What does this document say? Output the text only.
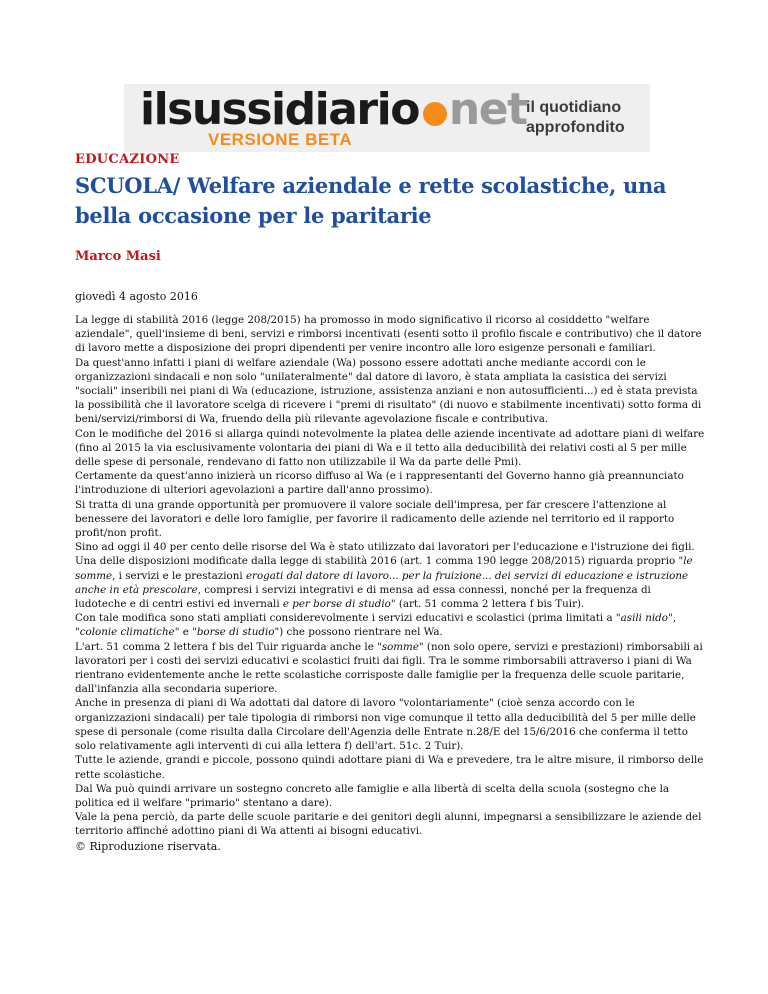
ilsussidiario net
VERSIONE BETA
il quotidiano
approfondito
EDUCAZIONE
SCUOLA/ Welfare aziendale e rette scolastiche, una bella occasione per le paritarie
Marco Masi
giovedì 4 agosto 2016

La legge di stabilità 2016 (legge 208/2015) ha promosso in modo significativo il ricorso al cosiddetto "welfare aziendale", quell'insieme di beni, servizi e rimborsi incentivati (esenti sotto il profilo fiscale e contributivo) che il datore di lavoro mette a disposizione dei propri dipendenti per venire incontro alle loro esigenze personali e familiari.

Da quest'anno infatti i piani di welfare aziendale (Wa) possono essere adottati anche mediante accordi con le organizzazioni sindacali e non solo "unilateralmente" dal datore di lavoro, è stata ampliata la casistica dei servizi "sociali" inseribili nei piani di Wa (educazione, istruzione, assistenza anziani e non autosufficienti...) ed è stata prevista la possibilità che il lavoratore scelga di ricevere i "premi di risultato" (di nuovo e stabilmente incentivati) sotto forma di beni/servizi/rimborsi di Wa, fruendo della più rilevante agevolazione fiscale e contributiva.

Con le modifiche del 2016 si allarga quindi notevolmente la platea delle aziende incentivate ad adottare piani di welfare (fino al 2015 la via esclusivamente volontaria dei piani di Wa e il tetto alla deducibilità dei relativi costi al 5 per mille delle spese di personale, rendevano di fatto non utilizzabile il Wa da parte delle Pmi).

Certamente da quest'anno inizierà un ricorso diffuso al Wa (e i rappresentanti del Governo hanno già preannunciato l'introduzione di ulteriori agevolazioni a partire dall'anno prossimo).

Si tratta di una grande opportunità per promuovere il valore sociale dell'impresa, per far crescere l'attenzione al benessere dei lavoratori e delle loro famiglie, per favorire il radicamento delle aziende nel territorio ed il rapporto profit/non profit.

Sino ad oggi il 40 per cento delle risorse del Wa è stato utilizzato dai lavoratori per l'educazione e l'istruzione dei figli.

Una delle disposizioni modificate dalla legge di stabilità 2016 (art. 1 comma 190 legge 208/2015) riguarda proprio "le somme, i servizi e le prestazioni erogati dal datore di lavoro... per la fruizione... dei servizi di educazione e istruzione anche in età prescolare, compresi i servizi integrativi e di mensa ad essa connessi, nonché per la frequenza di ludoteche e di centri estivi ed invernali e per borse di studio" (art. 51 comma 2 lettera f bis Tuir).

Con tale modifica sono stati ampliati considerevolmente i servizi educativi e scolastici (prima limitati a "asili nido", "colonie climatiche" e "borse di studio") che possono rientrare nel Wa.

L'art. 51 comma 2 lettera f bis del Tuir riguarda anche le "somme" (non solo opere, servizi e prestazioni) rimborsabili ai lavoratori per i costi dei servizi educativi e scolastici fruiti dai figli. Tra le somme rimborsabili attraverso i piani di Wa rientrano evidentemente anche le rette scolastiche corrisposte dalle famiglie per la frequenza delle scuole paritarie, dall'infanzia alla secondaria superiore.

Anche in presenza di piani di Wa adottati dal datore di lavoro "volontariamente" (cioè senza accordo con le organizzazioni sindacali) per tale tipologia di rimborsi non vige comunque il tetto alla deducibilità del 5 per mille delle spese di personale (come risulta dalla Circolare dell'Agenzia delle Entrate n.28/E del 15/6/2016 che conferma il tetto solo relativamente agli interventi di cui alla lettera f) dell'art. 51c. 2 Tuir).

Tutte le aziende, grandi e piccole, possono quindi adottare piani di Wa e prevedere, tra le altre misure, il rimborso delle rette scolastiche.

Dal Wa può quindi arrivare un sostegno concreto alle famiglie e alla libertà di scelta della scuola (sostegno che la politica ed il welfare "primario" stentano a dare).

Vale la pena perciò, da parte delle scuole paritarie e dei genitori degli alunni, impegnarsi a sensibilizzare le aziende del territorio affinché adottino piani di Wa attenti ai bisogni educativi.

© Riproduzione riservata.
